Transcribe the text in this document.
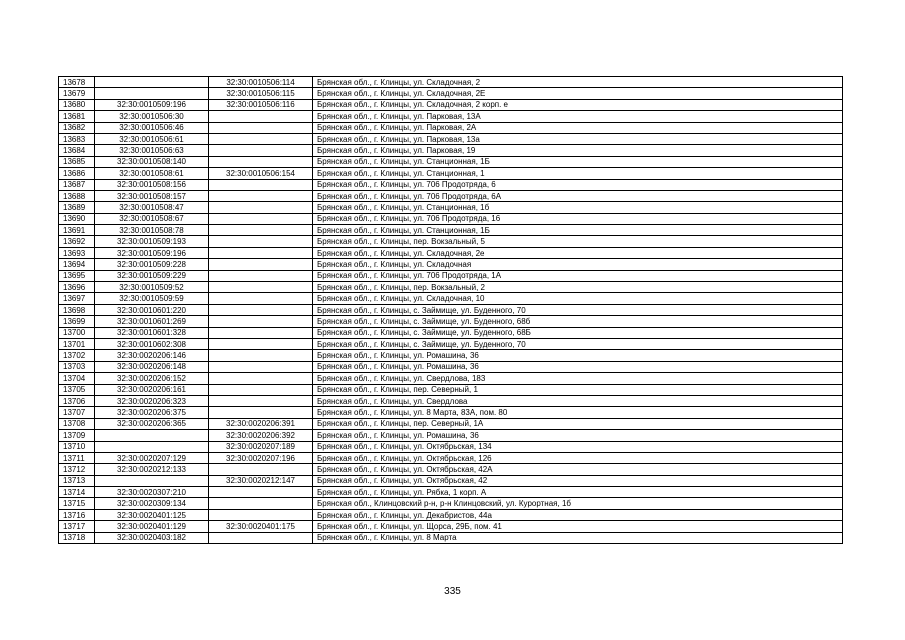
13678		32:30:0010506:114	Брянская обл., г. Клинцы, ул. Складочная, 2
13679		32:30:0010506:115	Брянская обл., г. Клинцы, ул. Складочная, 2Е
13680	32:30:0010509:196	32:30:0010506:116	Брянская обл., г. Клинцы, ул. Складочная, 2 корп. е
13681	32:30:0010506:30		Брянская обл., г. Клинцы, ул. Парковая, 13А
13682	32:30:0010506:46		Брянская обл., г. Клинцы, ул. Парковая, 2А
13683	32:30:0010506:61		Брянская обл., г. Клинцы, ул. Парковая, 13а
13684	32:30:0010506:63		Брянская обл., г. Клинцы, ул. Парковая, 19
13685	32:30:0010508:140		Брянская обл., г. Клинцы, ул. Станционная, 1Б
13686	32:30:0010508:61	32:30:0010506:154	Брянская обл., г. Клинцы, ул. Станционная, 1
13687	32:30:0010508:156		Брянская обл., г. Клинцы, ул. 706 Продотряда, 6
13688	32:30:0010508:157		Брянская обл., г. Клинцы, ул. 706 Продотряда, 6А
13689	32:30:0010508:47		Брянская обл., г. Клинцы, ул. Станционная, 1б
13690	32:30:0010508:67		Брянская обл., г. Клинцы, ул. 706 Продотряда, 16
13691	32:30:0010508:78		Брянская обл., г. Клинцы, ул. Станционная, 1Б
13692	32:30:0010509:193		Брянская обл., г. Клинцы, пер. Вокзальный, 5
13693	32:30:0010509:196		Брянская обл., г. Клинцы, ул. Складочная, 2е
13694	32:30:0010509:228		Брянская обл., г. Клинцы, ул. Складочная
13695	32:30:0010509:229		Брянская обл., г. Клинцы, ул. 706 Продотряда, 1А
13696	32:30:0010509:52		Брянская обл., г. Клинцы, пер. Вокзальный, 2
13697	32:30:0010509:59		Брянская обл., г. Клинцы, ул. Складочная, 10
13698	32:30:0010601:220		Брянская обл., г. Клинцы, с. Займище, ул. Буденного, 70
13699	32:30:0010601:269		Брянская обл., г. Клинцы, с. Займище, ул. Буденного, 68б
13700	32:30:0010601:328		Брянская обл., г. Клинцы, с. Займище, ул. Буденного, 68Б
13701	32:30:0010602:308		Брянская обл., г. Клинцы, с. Займище, ул. Буденного, 70
13702	32:30:0020206:146		Брянская обл., г. Клинцы, ул. Ромашина, 36
13703	32:30:0020206:148		Брянская обл., г. Клинцы, ул. Ромашина, 36
13704	32:30:0020206:152		Брянская обл., г. Клинцы, ул. Свердлова, 183
13705	32:30:0020206:161		Брянская обл., г. Клинцы, пер. Северный, 1
13706	32:30:0020206:323		Брянская обл., г. Клинцы, ул. Свердлова
13707	32:30:0020206:375		Брянская обл., г. Клинцы, ул. 8 Марта, 83А, пом. 80
13708	32:30:0020206:365	32:30:0020206:391	Брянская обл., г. Клинцы, пер. Северный, 1А
13709		32:30:0020206:392	Брянская обл., г. Клинцы, ул. Ромашина, 36
13710		32:30:0020207:189	Брянская обл., г. Клинцы, ул. Октябрьская, 134
13711	32:30:0020207:129	32:30:0020207:196	Брянская обл., г. Клинцы, ул. Октябрьская, 126
13712	32:30:0020212:133		Брянская обл., г. Клинцы, ул. Октябрьская, 42А
13713		32:30:0020212:147	Брянская обл., г. Клинцы, ул. Октябрьская, 42
13714	32:30:0020307:210		Брянская обл., г. Клинцы, ул. Рябка, 1 корп. А
13715	32:30:0020309:134		Брянская обл., Клинцовский р-н, р-н Клинцовский, ул. Курортная, 1б
13716	32:30:0020401:125		Брянская обл., г. Клинцы, ул. Декабристов, 44а
13717	32:30:0020401:129	32:30:0020401:175	Брянская обл., г. Клинцы, ул. Щорса, 29Б, пом. 41
13718	32:30:0020403:182		Брянская обл., г. Клинцы, ул. 8 Марта
335
